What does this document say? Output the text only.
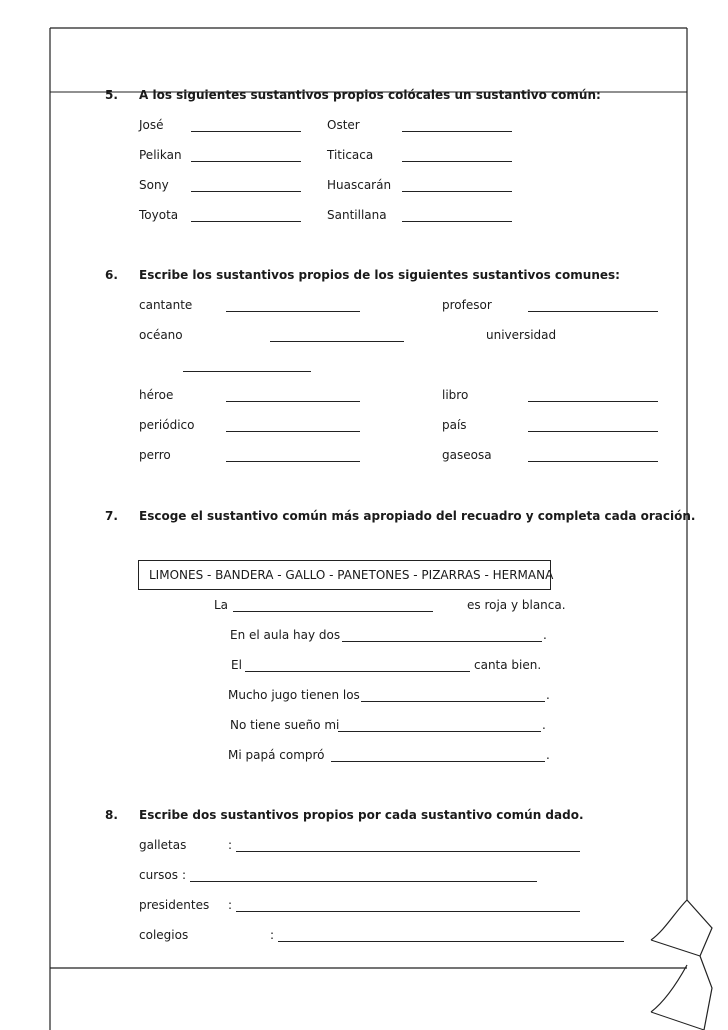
5. A los siguientes sustantivos propios colócales un sustantivo común:
José	Oster
Pelikan	Titicaca
Sony	Huascarán
Toyota	Santillana
6. Escribe los sustantivos propios de los siguientes sustantivos comunes:
cantante	profesor
océano	universidad
héroe	libro
periódico	país
perro	gaseosa
7. Escoge el sustantivo común más apropiado del recuadro y completa cada oración.
LIMONES - BANDERA - GALLO - PANETONES - PIZARRAS - HERMANA
La	es roja y blanca.
En el aula hay dos	.
El	canta bien.
Mucho jugo tienen los	.
No tiene sueño mi	.
Mi papá compró	.
8. Escribe dos sustantivos propios por cada sustantivo común dado.
galletas	:
cursos :
presidentes :
colegios	:
